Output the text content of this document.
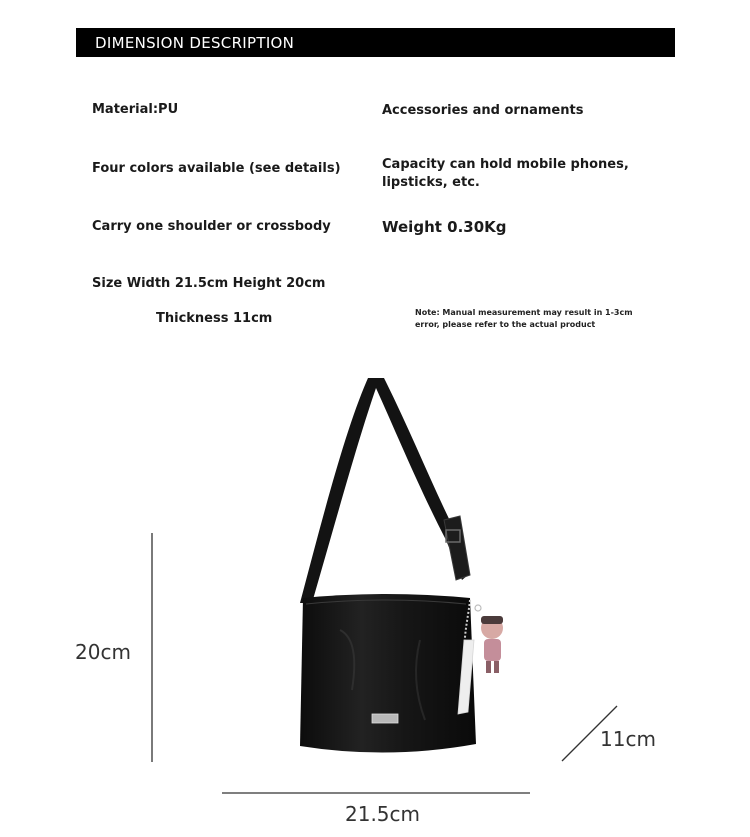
DIMENSION DESCRIPTION
Material:PU
Four colors available (see details)
Carry one shoulder or crossbody
Size Width 21.5cm Height 20cm
Thickness 11cm
Accessories and ornaments
Capacity can hold mobile phones,
lipsticks, etc.
Weight 0.30Kg
Note: Manual measurement may result in 1-3cm
error, please refer to the actual product
20cm
21.5cm
11cm
